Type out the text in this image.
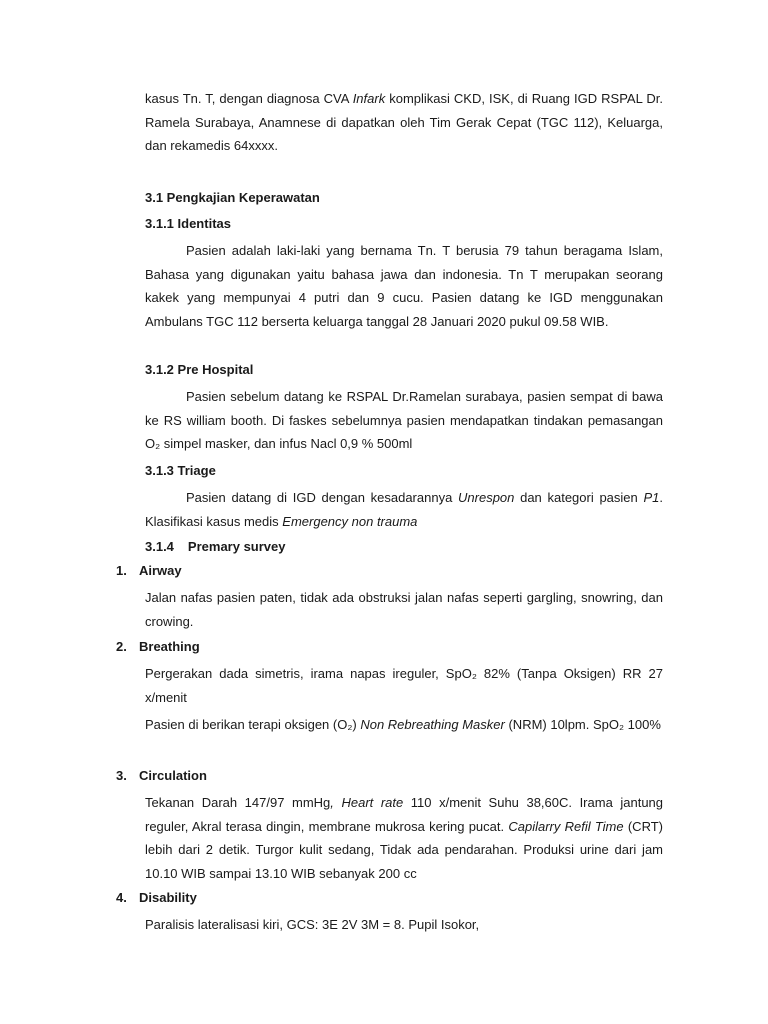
kasus Tn. T, dengan diagnosa CVA Infark komplikasi CKD, ISK, di Ruang IGD RSPAL Dr. Ramela Surabaya, Anamnese di dapatkan oleh Tim Gerak Cepat (TGC 112), Keluarga, dan rekamedis 64xxxx.

3.1 Pengkajian Keperawatan

3.1.1 Identitas

Pasien adalah laki-laki yang bernama Tn. T berusia 79 tahun beragama Islam, Bahasa yang digunakan yaitu bahasa jawa dan indonesia. Tn T merupakan seorang kakek yang mempunyai 4 putri dan 9 cucu. Pasien datang ke IGD menggunakan Ambulans TGC 112 berserta keluarga tanggal 28 Januari 2020 pukul 09.58 WIB.

3.1.2 Pre Hospital

Pasien sebelum datang ke RSPAL Dr.Ramelan surabaya, pasien sempat di bawa ke RS william booth. Di faskes sebelumnya pasien mendapatkan tindakan pemasangan O₂ simpel masker, dan infus Nacl 0,9 % 500ml

3.1.3 Triage

Pasien datang di IGD dengan kesadarannya Unrespon dan kategori pasien P1. Klasifikasi kasus medis Emergency non trauma

3.1.4 Premary survey

1. Airway

Jalan nafas pasien paten, tidak ada obstruksi jalan nafas seperti gargling, snowring, dan crowing.

2. Breathing

Pergerakan dada simetris, irama napas ireguler, SpO₂ 82% (Tanpa Oksigen) RR 27 x/menit

Pasien di berikan terapi oksigen (O₂) Non Rebreathing Masker (NRM) 10lpm. SpO₂ 100%

3. Circulation

Tekanan Darah 147/97 mmHg, Heart rate 110 x/menit Suhu 38,60C. Irama jantung reguler, Akral terasa dingin, membrane mukrosa kering pucat. Capilarry Refil Time (CRT) lebih dari 2 detik. Turgor kulit sedang, Tidak ada pendarahan. Produksi urine dari jam 10.10 WIB sampai 13.10 WIB sebanyak 200 cc

4. Disability

Paralisis lateralisasi kiri, GCS: 3E 2V 3M = 8. Pupil Isokor,
